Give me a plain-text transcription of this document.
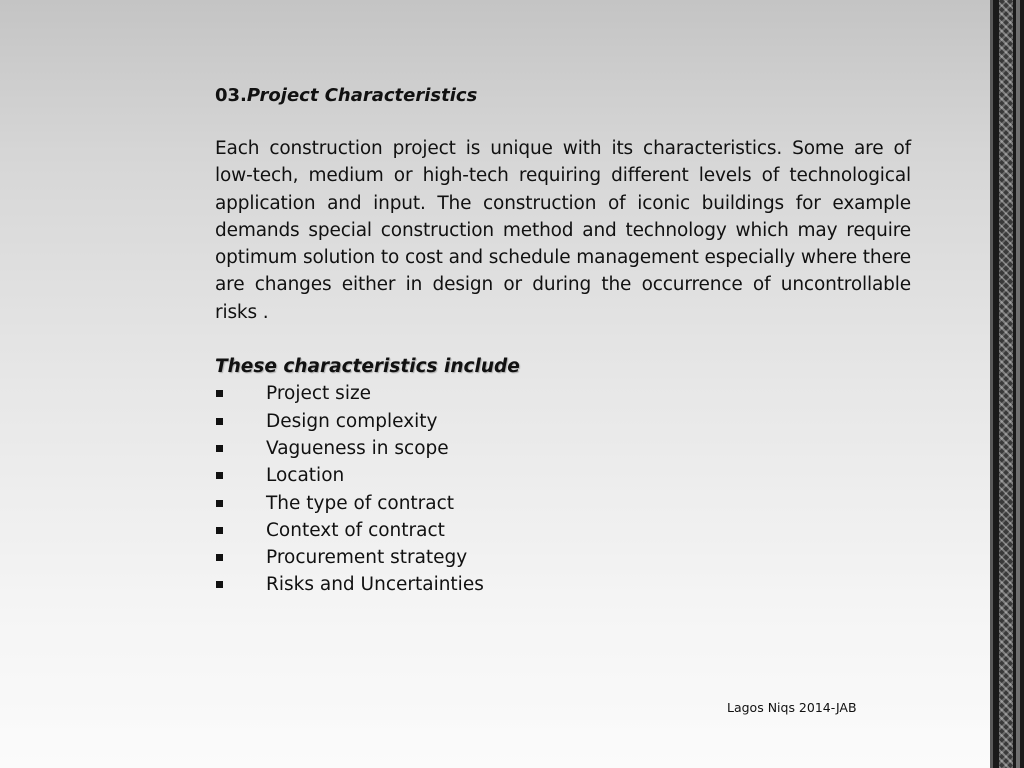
03.Project Characteristics

Each construction project is unique with its characteristics. Some are of low-tech, medium or high-tech requiring different levels of technological application and input. The construction of iconic buildings for example demands special construction method and technology which may require optimum solution to cost and schedule management especially where there are changes either in design or during the occurrence of uncontrollable risks .

These characteristics include

Project size
Design complexity
Vagueness in scope
Location
The type of contract
Context of contract
Procurement strategy
Risks and Uncertainties
Lagos Niqs 2014-JAB
